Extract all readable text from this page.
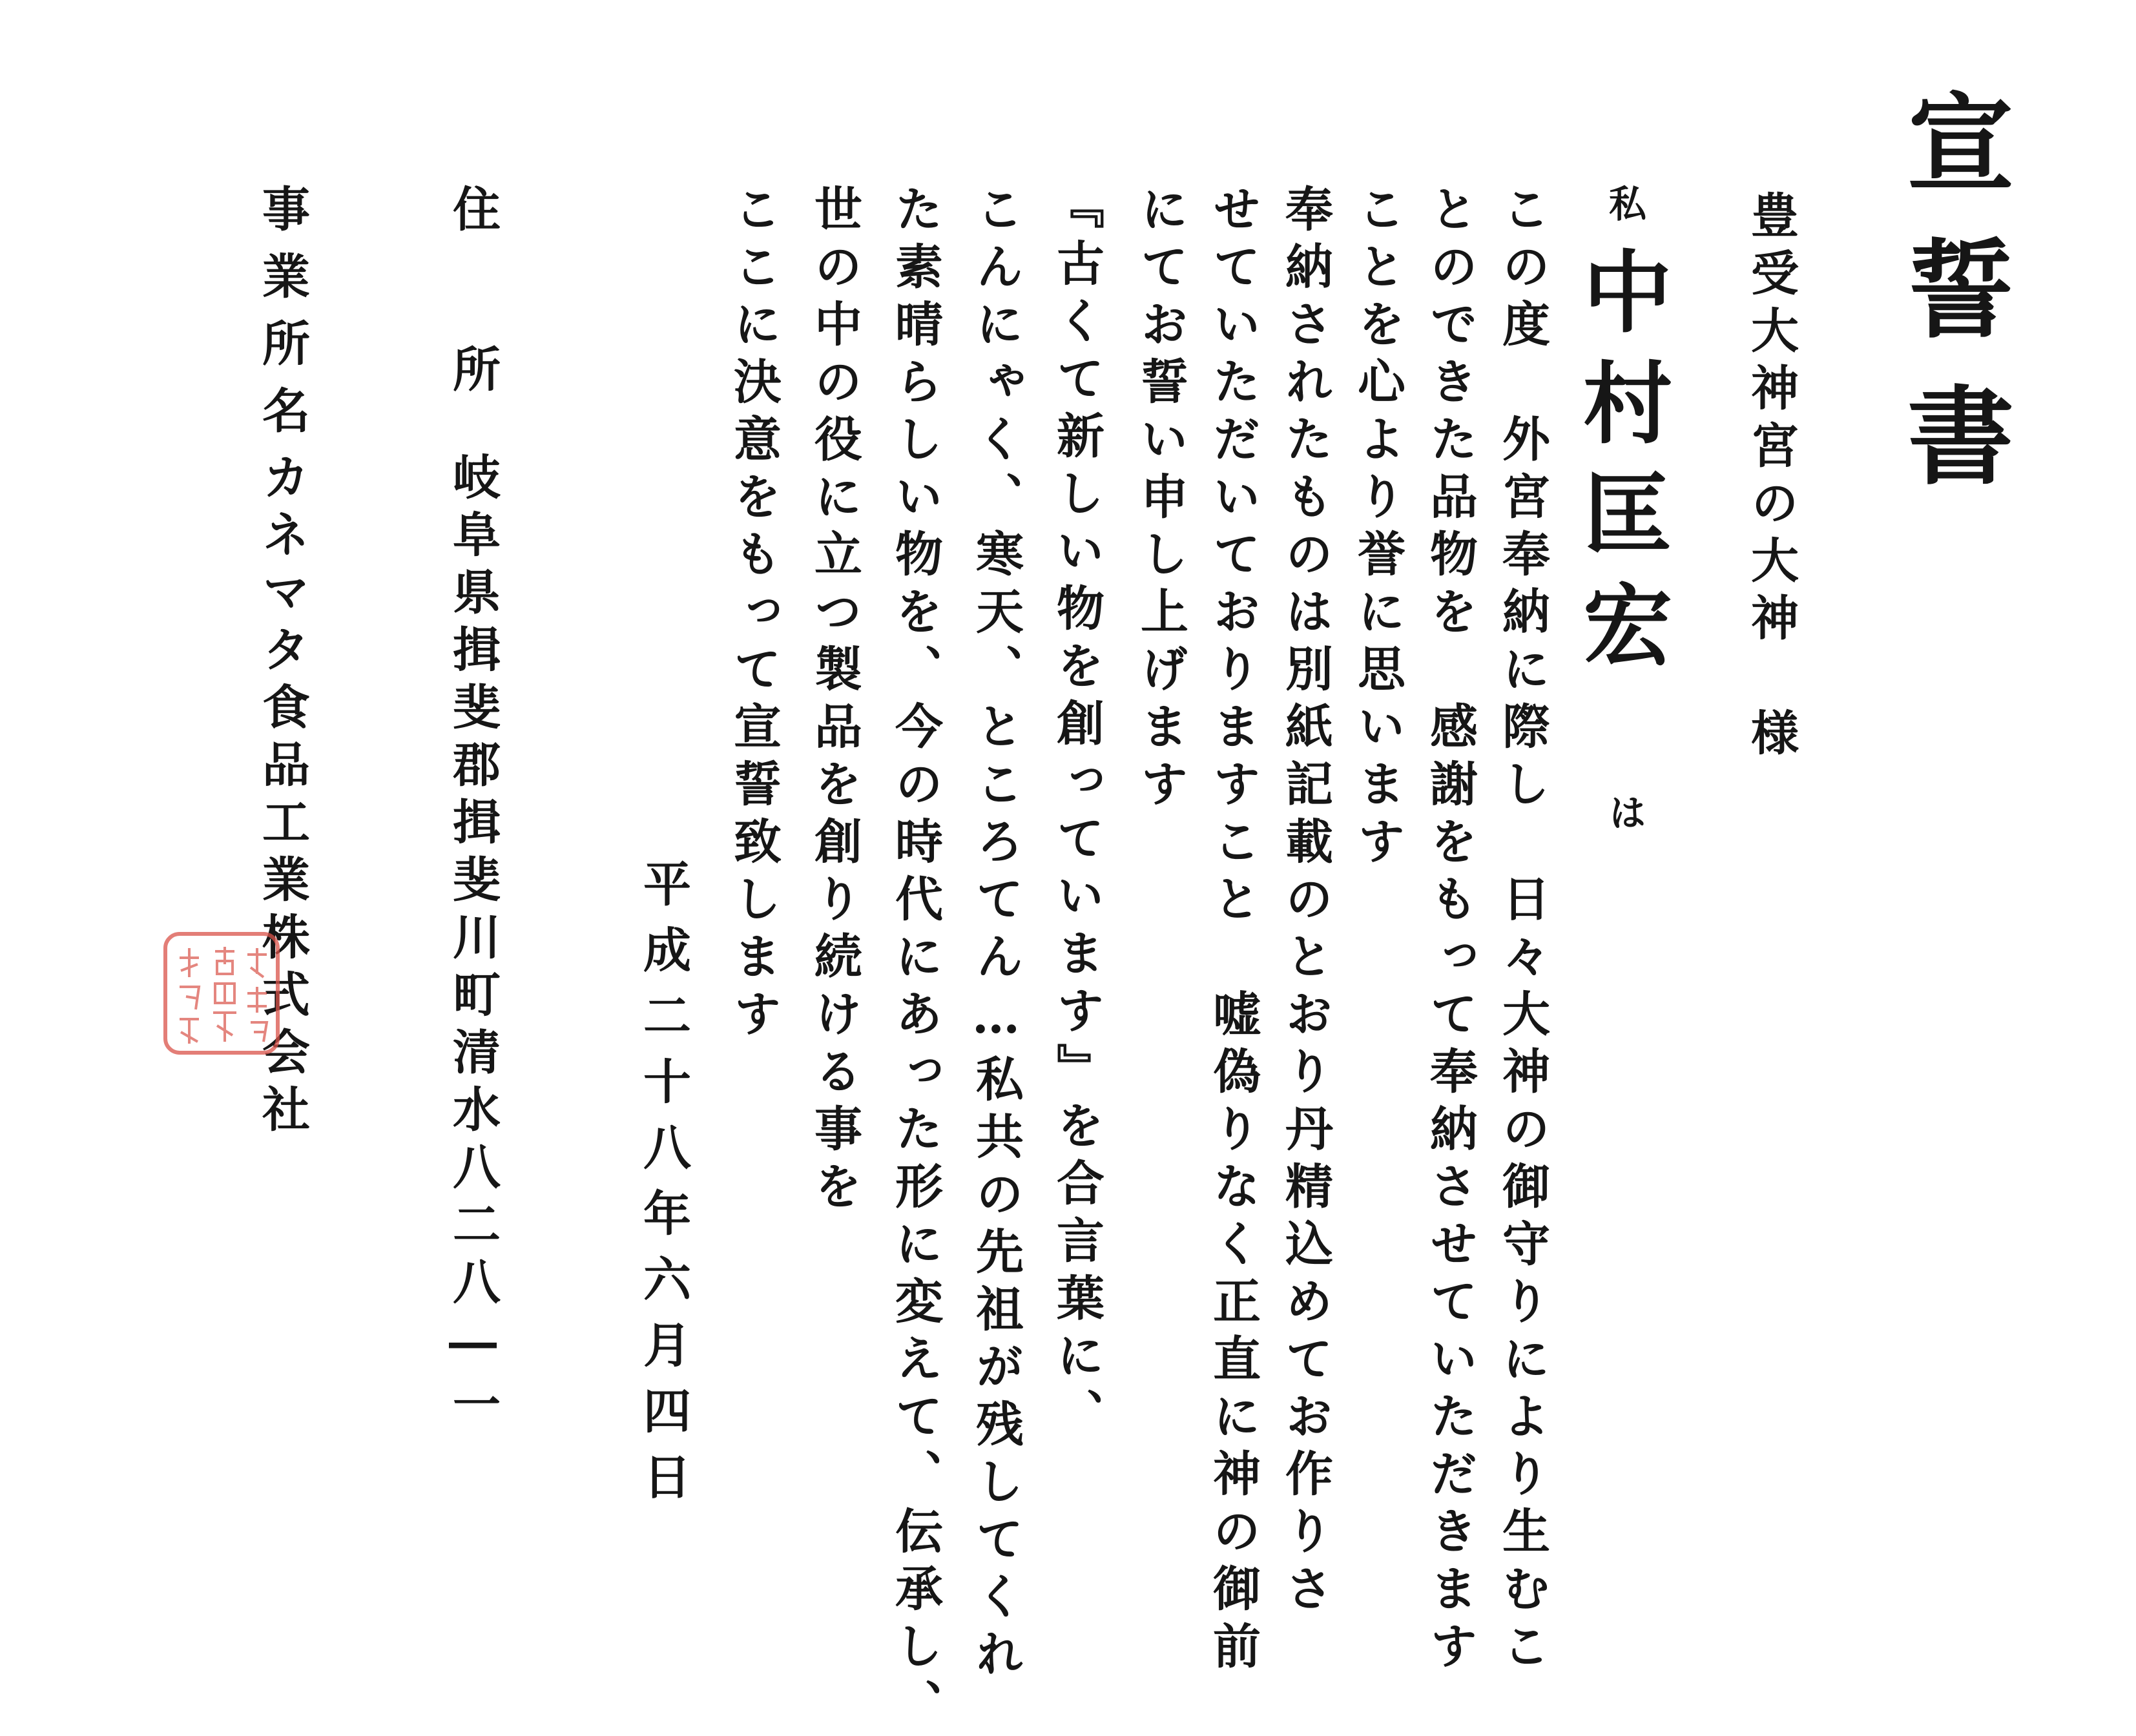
宣誓書
豊受大神宮の大神　様
私
中村匡宏
は
この度　外宮奉納に際し　日々大神の御守りにより生むこ
とのできた品物を　感謝をもって奉納させていただきます
ことを心より誉に思います
奉納されたものは別紙記載のとおり丹精込めてお作りさ
せていただいておりますこと　嘘偽りなく正直に神の御前
にてお誓い申し上げます
『古くて新しい物を創っています』を合言葉に、
こんにゃく、寒天、ところてん…私共の先祖が残してくれ
た素晴らしい物を、今の時代にあった形に変えて、伝承し、
世の中の役に立つ製品を創り続ける事を
ここに決意をもって宣誓致します
平成二十八年六月四日
住　所
岐阜県揖斐郡揖斐川町清水八二八―一
事業所名
カネマタ食品工業株式会社
